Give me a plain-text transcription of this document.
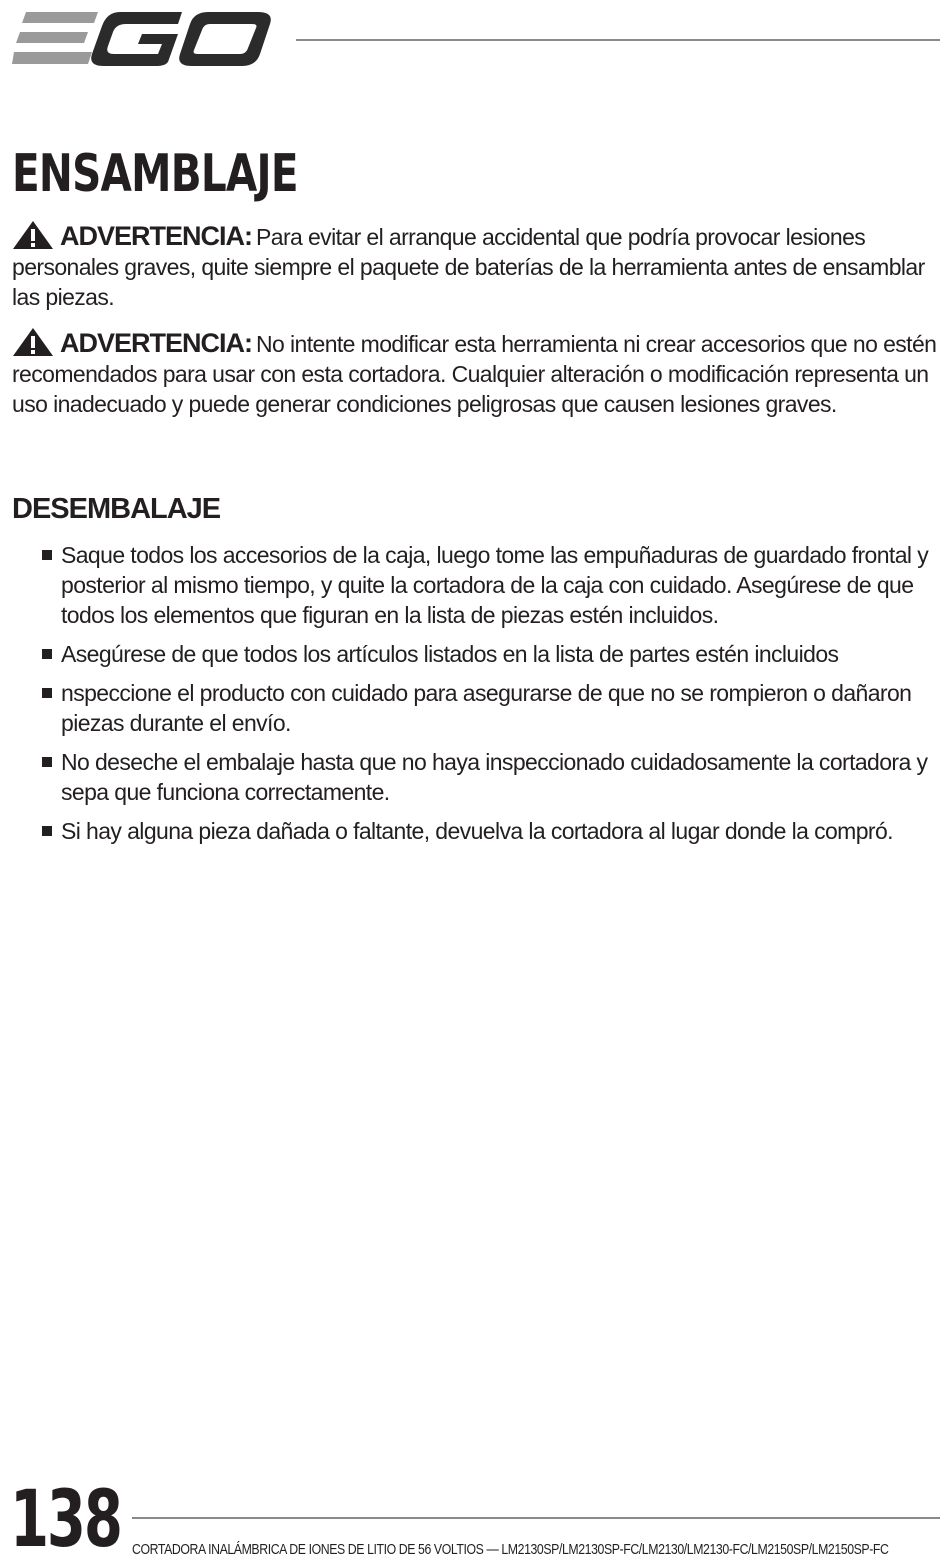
ENSAMBLAJE

ADVERTENCIA: Para evitar el arranque accidental que podría provocar lesiones personales graves, quite siempre el paquete de baterías de la herramienta antes de ensamblar las piezas.

ADVERTENCIA: No intente modificar esta herramienta ni crear accesorios que no estén recomendados para usar con esta cortadora. Cualquier alteración o modificación representa un uso inadecuado y puede generar condiciones peligrosas que causen lesiones graves.

DESEMBALAJE
Saque todos los accesorios de la caja, luego tome las empuñaduras de guardado frontal y posterior al mismo tiempo, y quite la cortadora de la caja con cuidado. Asegúrese de que todos los elementos que figuran en la lista de piezas estén incluidos.
Asegúrese de que todos los artículos listados en la lista de partes estén incluidos
nspeccione el producto con cuidado para asegurarse de que no se rompieron o dañaron piezas durante el envío.
No deseche el embalaje hasta que no haya inspeccionado cuidadosamente la cortadora y sepa que funciona correctamente.
Si hay alguna pieza dañada o faltante, devuelva la cortadora al lugar donde la compró.

138 CORTADORA INALÁMBRICA DE IONES DE LITIO DE 56 VOLTIOS — LM2130SP/LM2130SP-FC/LM2130/LM2130-FC/LM2150SP/LM2150SP-FC
